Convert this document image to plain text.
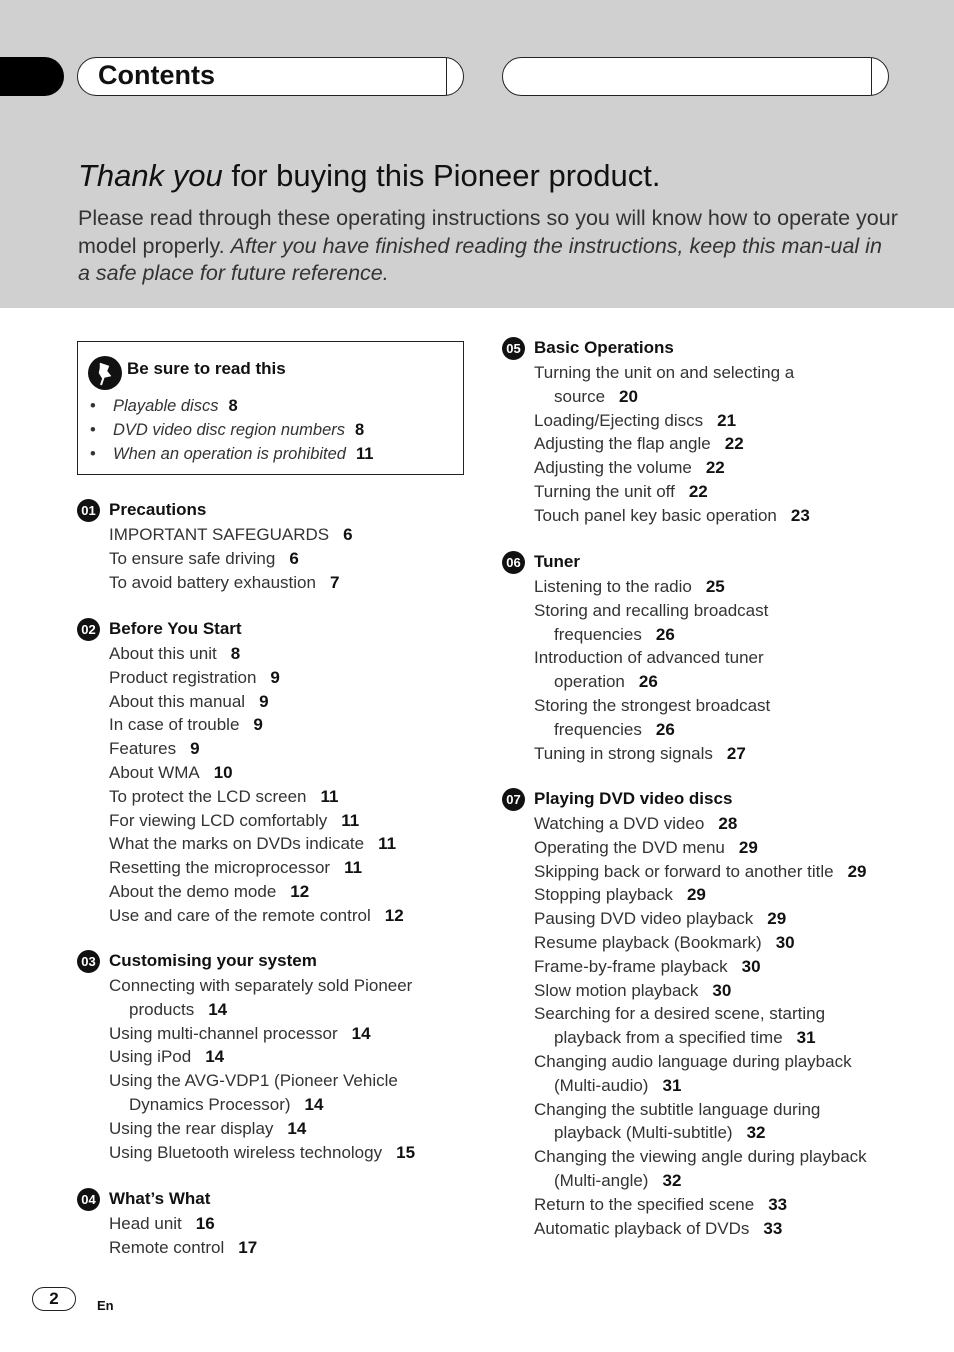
Contents
Thank you for buying this Pioneer product.
Please read through these operating instructions so you will know how to operate your model properly. After you have finished reading the instructions, keep this man-ual in a safe place for future reference.
Be sure to read this
• Playable discs 8
• DVD video disc region numbers 8
• When an operation is prohibited 11
01 Precautions
IMPORTANT SAFEGUARDS 6
To ensure safe driving 6
To avoid battery exhaustion 7
02 Before You Start
About this unit 8
Product registration 9
About this manual 9
In case of trouble 9
Features 9
About WMA 10
To protect the LCD screen 11
For viewing LCD comfortably 11
What the marks on DVDs indicate 11
Resetting the microprocessor 11
About the demo mode 12
Use and care of the remote control 12
03 Customising your system
Connecting with separately sold Pioneer
products 14
Using multi-channel processor 14
Using iPod 14
Using the AVG-VDP1 (Pioneer Vehicle
Dynamics Processor) 14
Using the rear display 14
Using Bluetooth wireless technology 15
04 What’s What
Head unit 16
Remote control 17
05 Basic Operations
Turning the unit on and selecting a
source 20
Loading/Ejecting discs 21
Adjusting the flap angle 22
Adjusting the volume 22
Turning the unit off 22
Touch panel key basic operation 23
06 Tuner
Listening to the radio 25
Storing and recalling broadcast
frequencies 26
Introduction of advanced tuner
operation 26
Storing the strongest broadcast
frequencies 26
Tuning in strong signals 27
07 Playing DVD video discs
Watching a DVD video 28
Operating the DVD menu 29
Skipping back or forward to another title 29
Stopping playback 29
Pausing DVD video playback 29
Resume playback (Bookmark) 30
Frame-by-frame playback 30
Slow motion playback 30
Searching for a desired scene, starting
playback from a specified time 31
Changing audio language during playback
(Multi-audio) 31
Changing the subtitle language during
playback (Multi-subtitle) 32
Changing the viewing angle during playback
(Multi-angle) 32
Return to the specified scene 33
Automatic playback of DVDs 33
2	En
